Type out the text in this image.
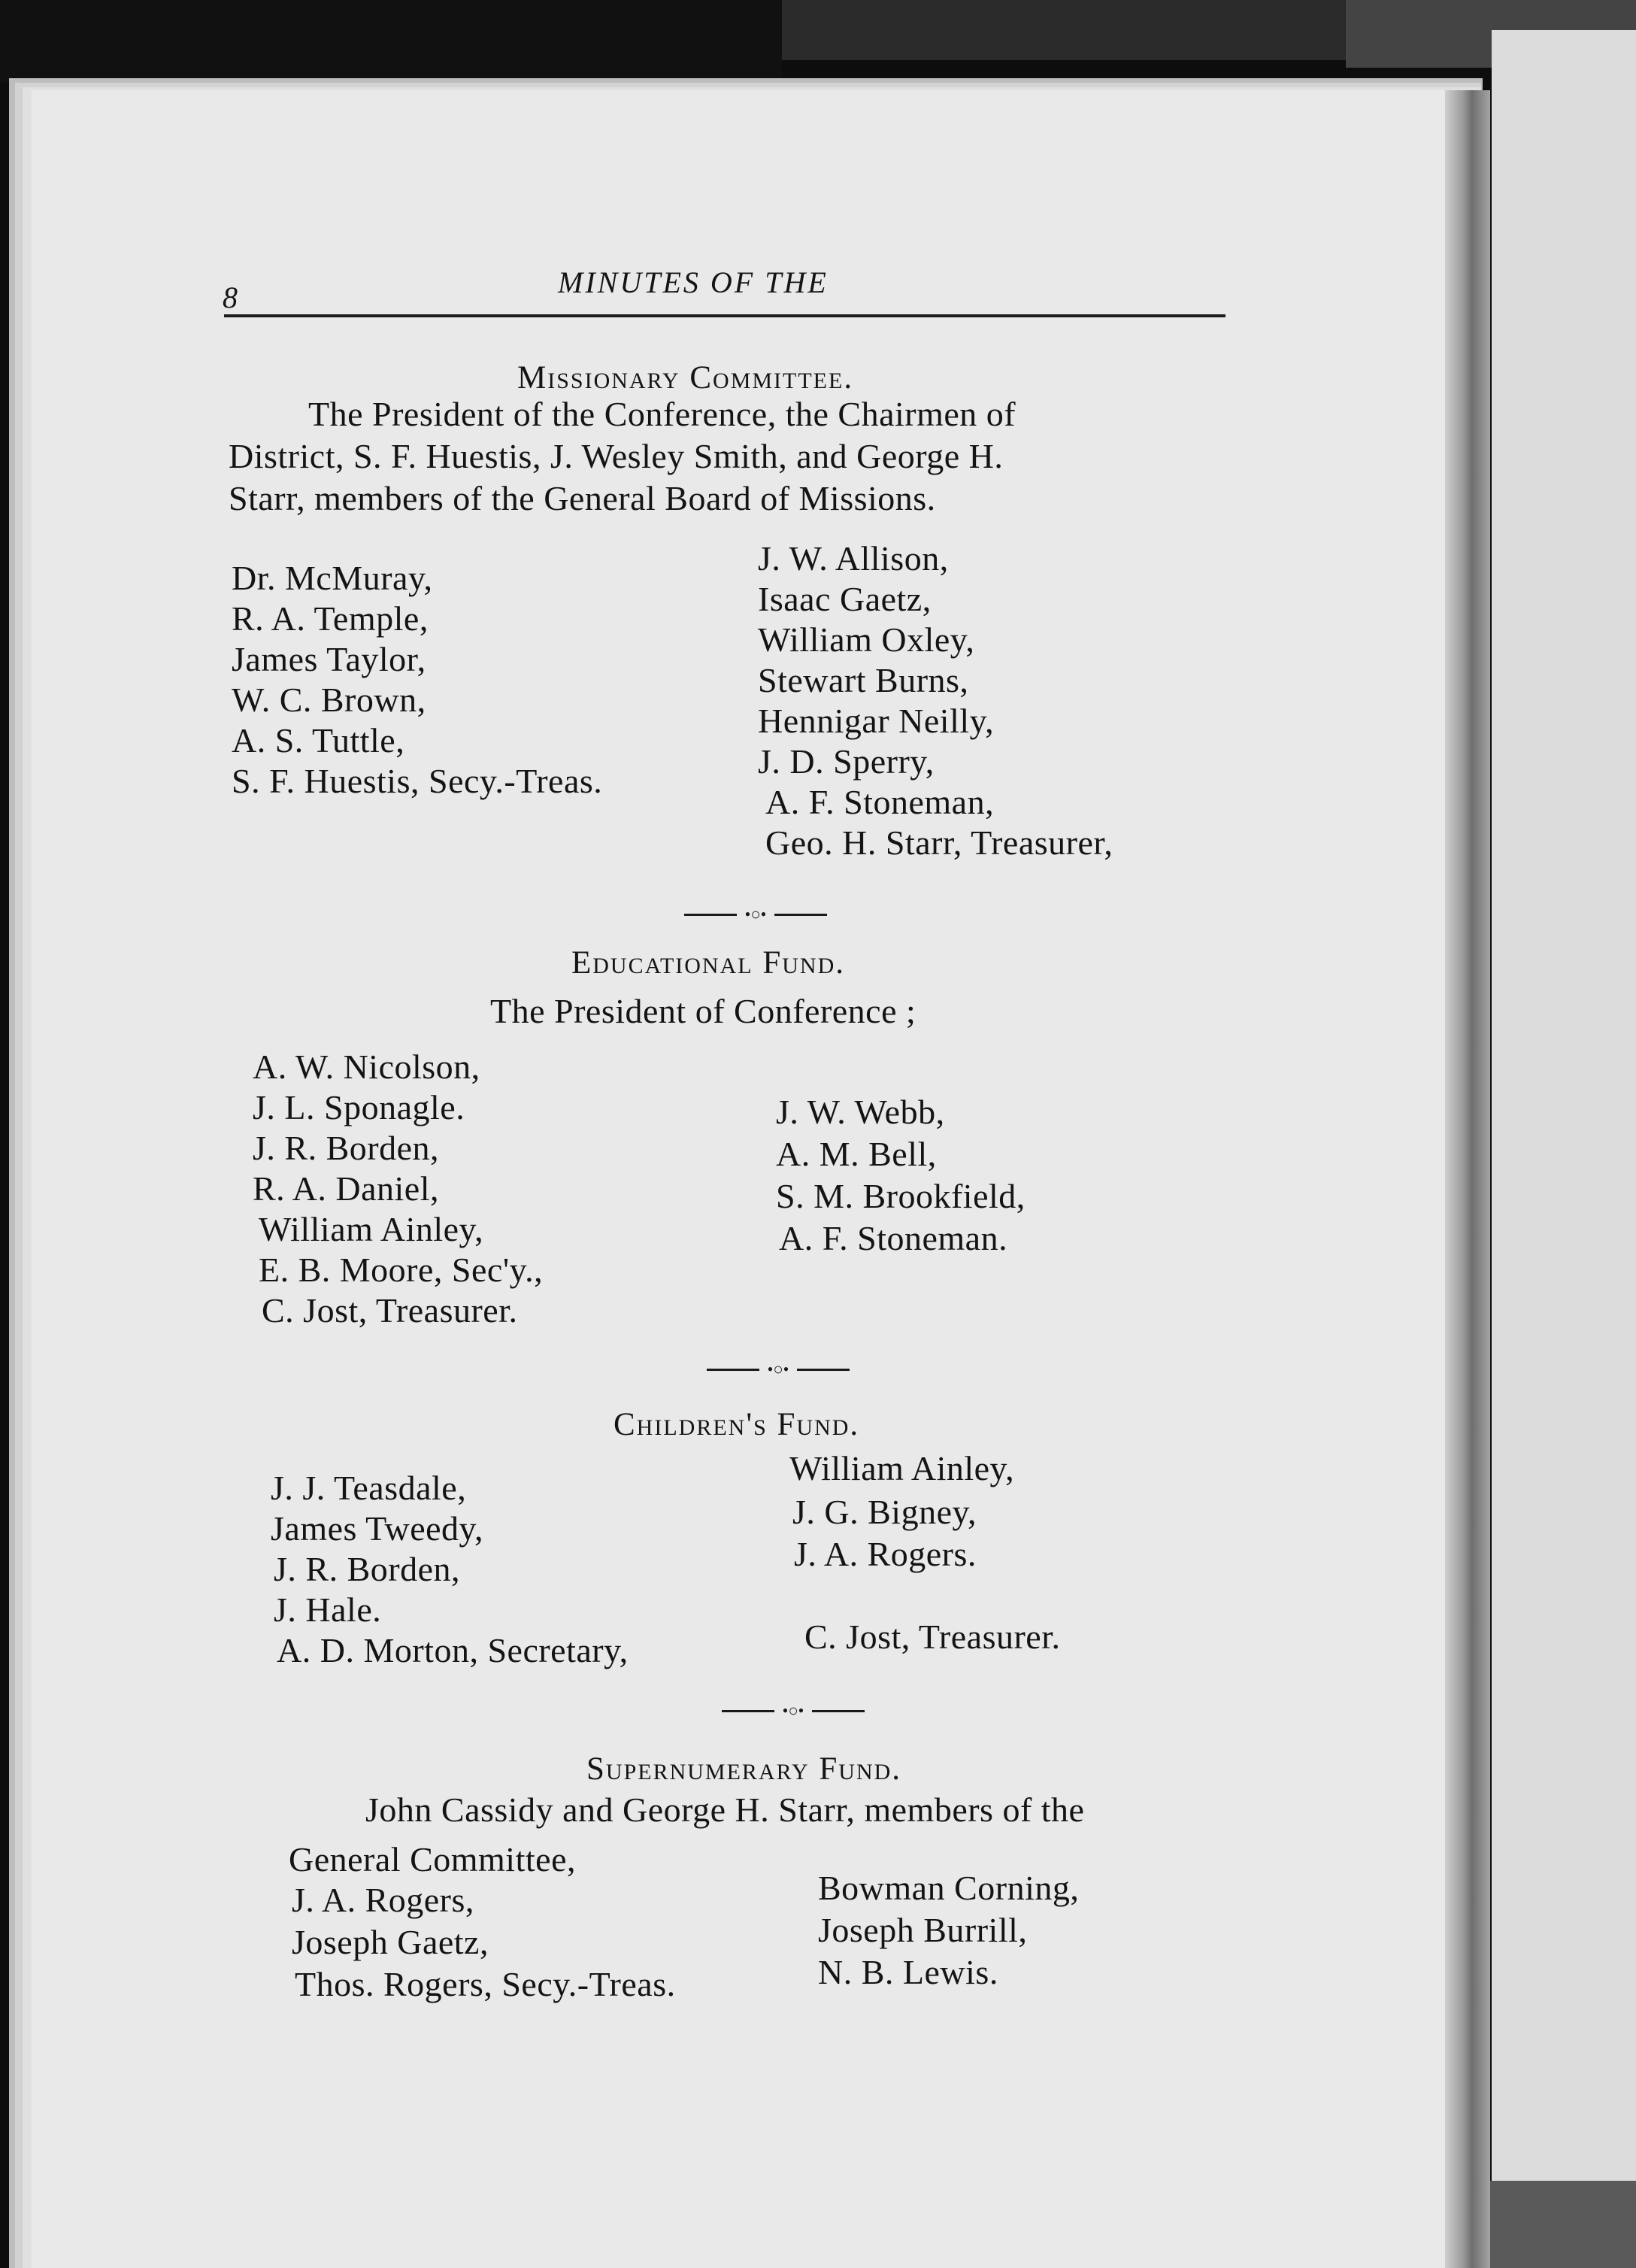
8	MINUTES OF THE
Missionary Committee.
The President of the Conference, the Chairmen of
District, S. F. Huestis, J. Wesley Smith, and George H.
Starr, members of the General Board of Missions.
Dr. McMuray,
R. A. Temple,
James Taylor,
W. C. Brown,
A. S. Tuttle,
S. F. Huestis, Secy.-Treas.
J. W. Allison,
Isaac Gaetz,
William Oxley,
Stewart Burns,
Hennigar Neilly,
J. D. Sperry,
A. F. Stoneman,
Geo. H. Starr, Treasurer,
•○•
Educational Fund.
The President of Conference ;
A. W. Nicolson,
J. L. Sponagle.
J. R. Borden,
R. A. Daniel,
William Ainley,
E. B. Moore, Sec'y.,
C. Jost, Treasurer.
J. W. Webb,
A. M. Bell,
S. M. Brookfield,
A. F. Stoneman.
•○•
Children's Fund.
J. J. Teasdale,
James Tweedy,
J. R. Borden,
J. Hale.
A. D. Morton, Secretary,
William Ainley,
J. G. Bigney,
J. A. Rogers.
C. Jost, Treasurer.
•○•
Supernumerary Fund.
John Cassidy and George H. Starr, members of the
General Committee,
J. A. Rogers,
Joseph Gaetz,
Thos. Rogers, Secy.-Treas.
Bowman Corning,
Joseph Burrill,
N. B. Lewis.
